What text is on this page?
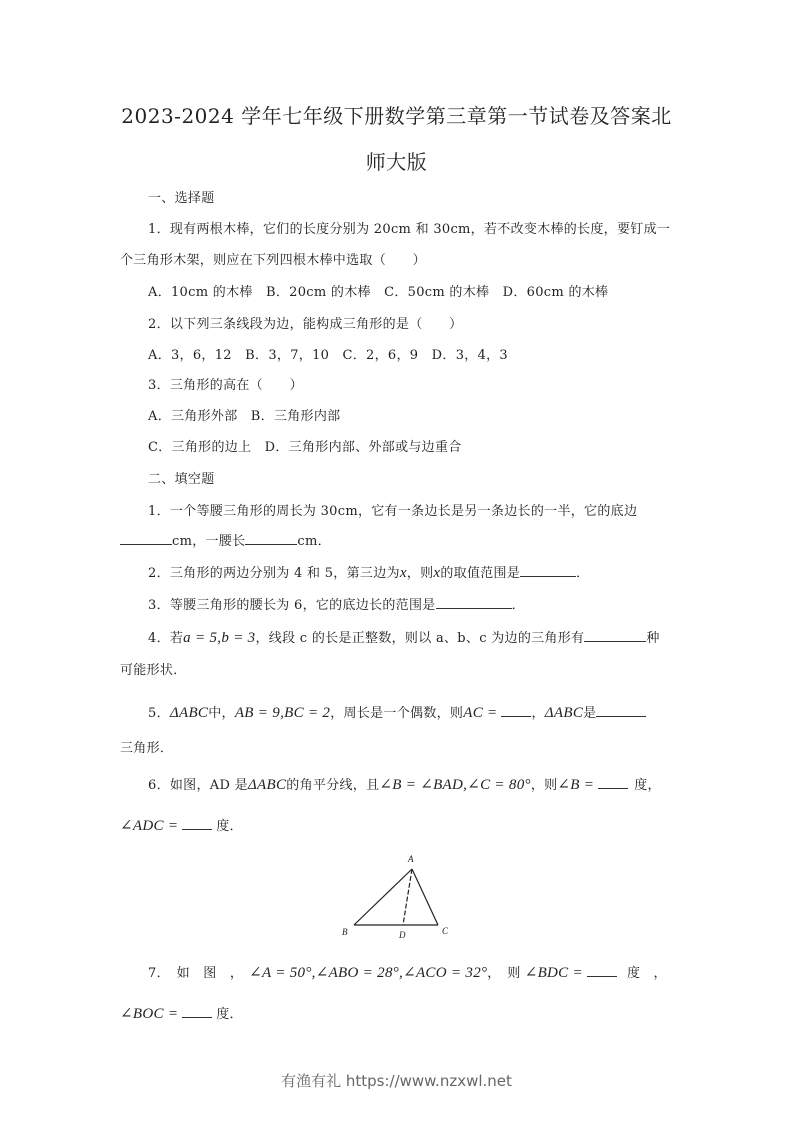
2023-2024 学年七年级下册数学第三章第一节试卷及答案北
师大版
一、选择题
1．现有两根木棒，它们的长度分别为 20cm 和 30cm，若不改变木棒的长度，要钉成一
个三角形木架，则应在下列四根木棒中选取（　　）
A．10cm 的木棒　B．20cm 的木棒　C．50cm 的木棒　D．60cm 的木棒
2．以下列三条线段为边，能构成三角形的是（　　）
A．3，6，12　B．3，7，10　C．2，6，9　D．3，4，3
3．三角形的高在（　　）
A．三角形外部　B．三角形内部
C．三角形的边上　D．三角形内部、外部或与边重合
二、填空题
1．一个等腰三角形的周长为 30cm，它有一条边长是另一条边长的一半，它的底边
cm，一腰长	cm．
2．三角形的两边分别为 4 和 5，第三边为x，则x的取值范围是	．
3．等腰三角形的腰长为 6，它的底边长的范围是	．
4．若a = 5,b = 3，线段 c 的长是正整数，则以 a、b、c 为边的三角形有	种
可能形状．
5．ΔABC中，AB = 9,BC = 2，周长是一个偶数，则AC =	，ΔABC是
三角形．
6．如图，AD 是ΔABC的角平分线，且∠B = ∠BAD,∠C = 80°，则∠B =	度，
∠ADC =	度．
A
B	D	C
7．　如　图　， ∠A = 50°,∠ABO = 28°,∠ACO = 32°，　则 ∠BDC =	度　，
∠BOC =	度．
有渔有礼 https://www.nzxwl.net
